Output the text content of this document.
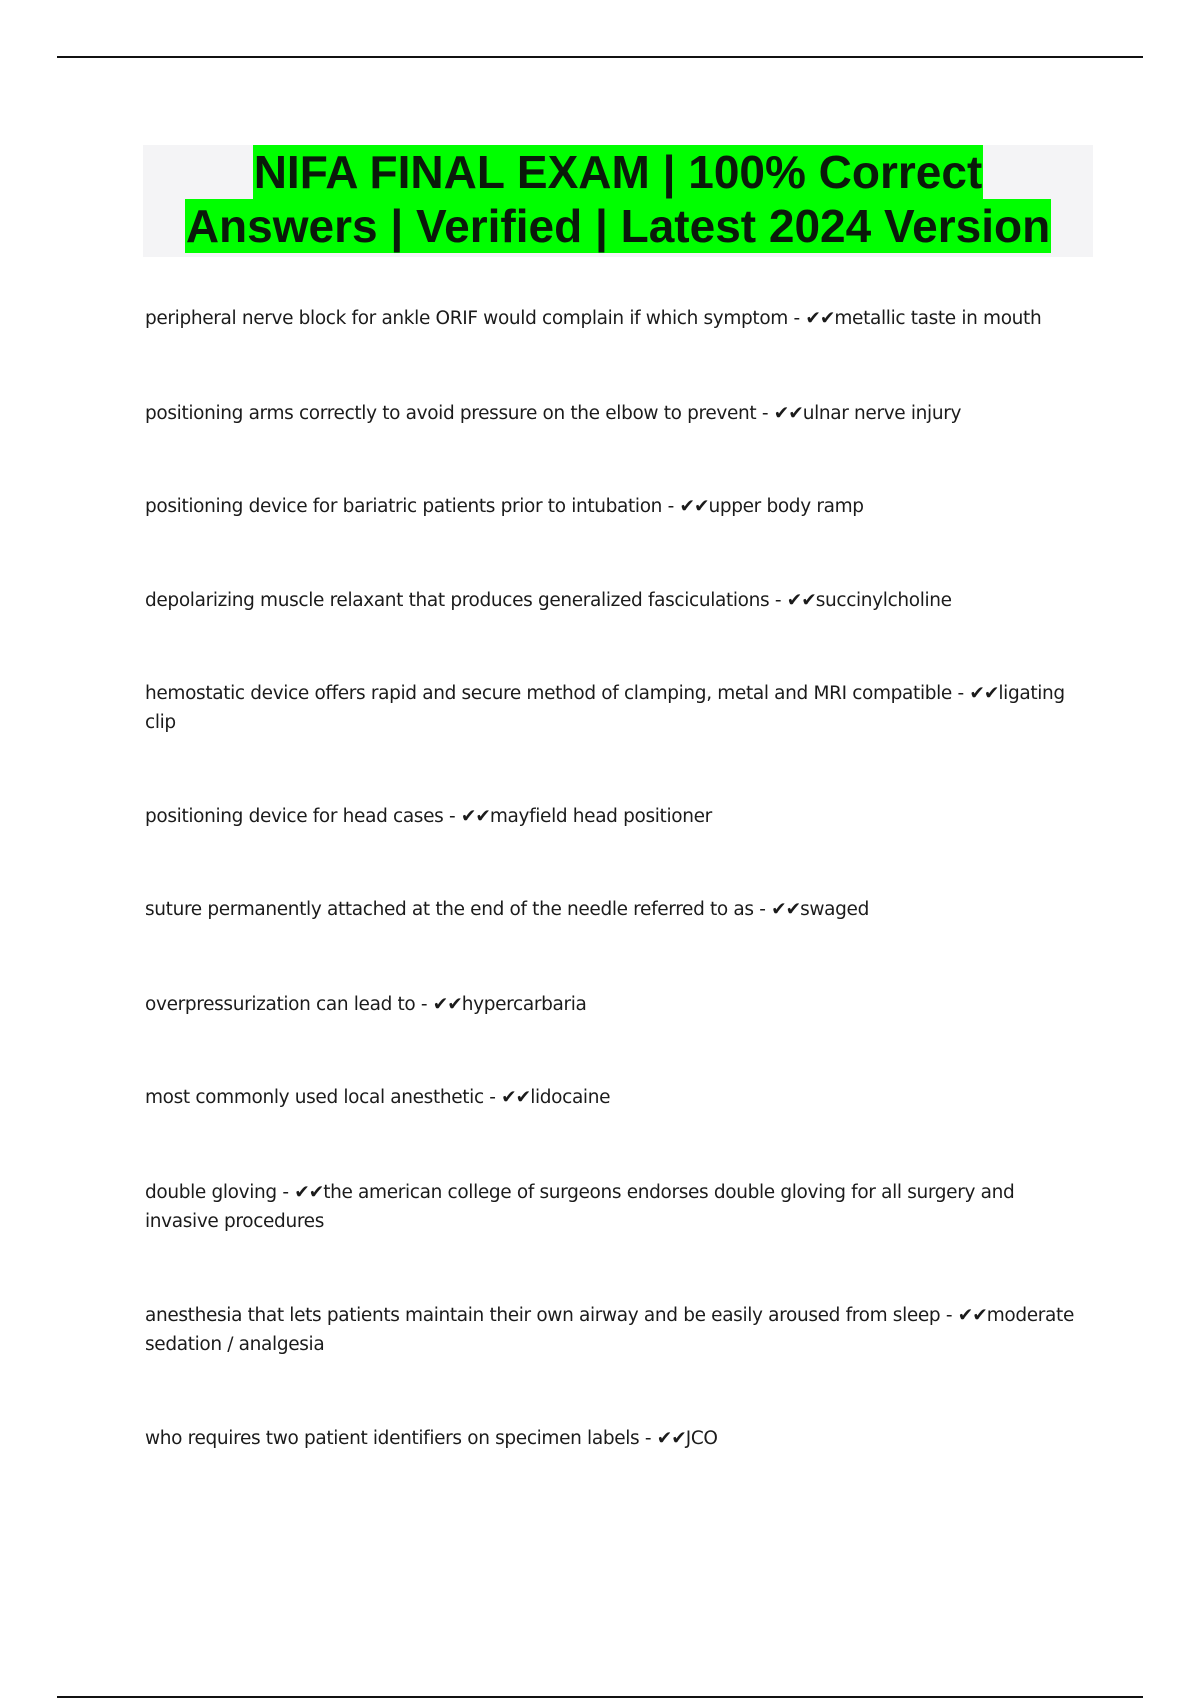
NIFA FINAL EXAM | 100% Correct
Answers | Verified | Latest 2024 Version

peripheral nerve block for ankle ORIF would complain if which symptom - ✔✔metallic taste in mouth

positioning arms correctly to avoid pressure on the elbow to prevent - ✔✔ulnar nerve injury

positioning device for bariatric patients prior to intubation - ✔✔upper body ramp

depolarizing muscle relaxant that produces generalized fasciculations - ✔✔succinylcholine

hemostatic device offers rapid and secure method of clamping, metal and MRI compatible - ✔✔ligating clip

positioning device for head cases - ✔✔mayfield head positioner

suture permanently attached at the end of the needle referred to as - ✔✔swaged

overpressurization can lead to - ✔✔hypercarbaria

most commonly used local anesthetic - ✔✔lidocaine

double gloving - ✔✔the american college of surgeons endorses double gloving for all surgery and invasive procedures

anesthesia that lets patients maintain their own airway and be easily aroused from sleep - ✔✔moderate sedation / analgesia

who requires two patient identifiers on specimen labels - ✔✔JCO
